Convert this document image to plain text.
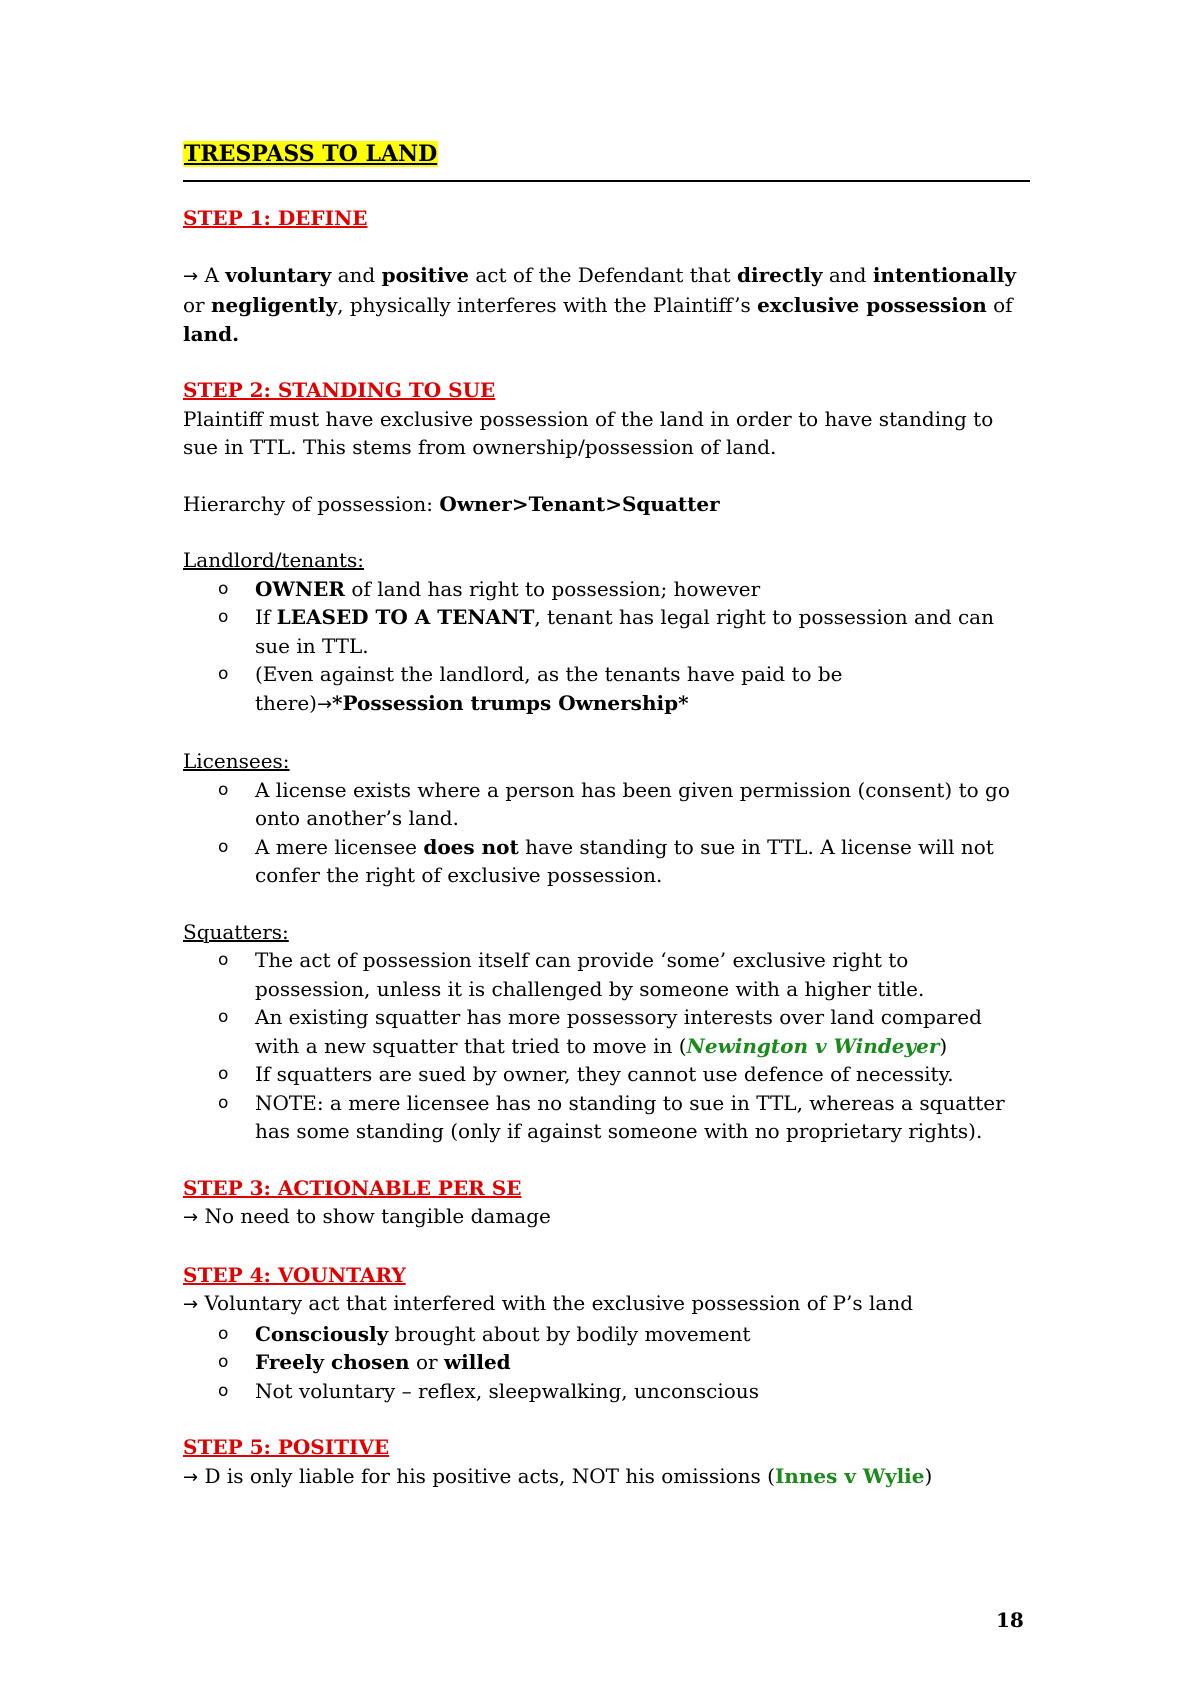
TRESPASS TO LAND

STEP 1: DEFINE

→ A voluntary and positive act of the Defendant that directly and intentionally or negligently, physically interferes with the Plaintiff’s exclusive possession of land.

STEP 2: STANDING TO SUE

Plaintiff must have exclusive possession of the land in order to have standing to sue in TTL. This stems from ownership/possession of land.

Hierarchy of possession: Owner>Tenant>Squatter

Landlord/tenants:

o OWNER of land has right to possession; however
o If LEASED TO A TENANT, tenant has legal right to possession and can sue in TTL.
o (Even against the landlord, as the tenants have paid to be there)→*Possession trumps Ownership*

Licensees:

o A license exists where a person has been given permission (consent) to go onto another’s land.
o A mere licensee does not have standing to sue in TTL. A license will not confer the right of exclusive possession.

Squatters:

o The act of possession itself can provide ‘some’ exclusive right to possession, unless it is challenged by someone with a higher title.
o An existing squatter has more possessory interests over land compared with a new squatter that tried to move in (Newington v Windeyer)
o If squatters are sued by owner, they cannot use defence of necessity.
o NOTE: a mere licensee has no standing to sue in TTL, whereas a squatter has some standing (only if against someone with no proprietary rights).

STEP 3: ACTIONABLE PER SE

→ No need to show tangible damage

STEP 4: VOUNTARY

→ Voluntary act that interfered with the exclusive possession of P’s land

o Consciously brought about by bodily movement
o Freely chosen or willed
o Not voluntary – reflex, sleepwalking, unconscious

STEP 5: POSITIVE

→ D is only liable for his positive acts, NOT his omissions (Innes v Wylie)

18
